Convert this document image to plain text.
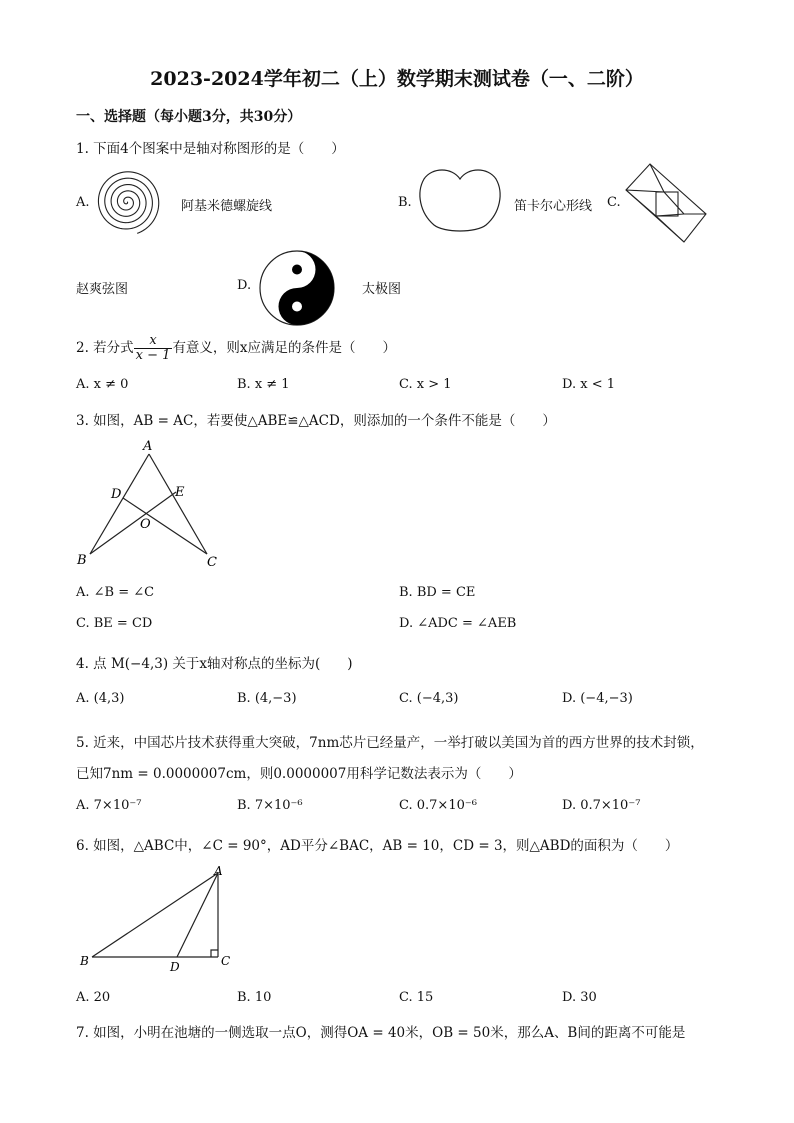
2023-2024学年初二（上）数学期末测试卷（一、二阶）
一、选择题（每小题3分，共30分）
1. 下面4个图案中是轴对称图形的是（　　）
A.	阿基米德螺旋线	B.	笛卡尔心形线 C.
赵爽弦图	D.	太极图
2. 若分式 $\frac{x}{x - 1}$ 有意义，则x应满足的条件是（　　）
A. x ≠ 0	B. x ≠ 1	C. x > 1	D. x < 1
3. 如图，AB = AC，若要使△ABE≌△ACD，则添加的一个条件不能是（　　）
A
D	E
O
B	C
A. ∠B = ∠C	B. BD = CE
C. BE = CD	D. ∠ADC = ∠AEB
4. 点 M(−4,3) 关于x轴对称点的坐标为(　　)
A. (4,3)	B. (4,−3)	C. (−4,3)	D. (−4,−3)
5. 近来，中国芯片技术获得重大突破，7nm芯片已经量产，一举打破以美国为首的西方世界的技术封锁，
已知7nm = 0.0000007cm，则0.0000007用科学记数法表示为（　　）
A. 7×10⁻⁷	B. 7×10⁻⁶	C. 0.7×10⁻⁶	D. 0.7×10⁻⁷
6. 如图，△ABC中，∠C = 90°，AD平分∠BAC，AB = 10，CD = 3，则△ABD的面积为（　　）
A
B	D	C
A. 20	B. 10	C. 15	D. 30
7. 如图，小明在池塘的一侧选取一点O，测得OA = 40米，OB = 50米，那么A、B间的距离不可能是
